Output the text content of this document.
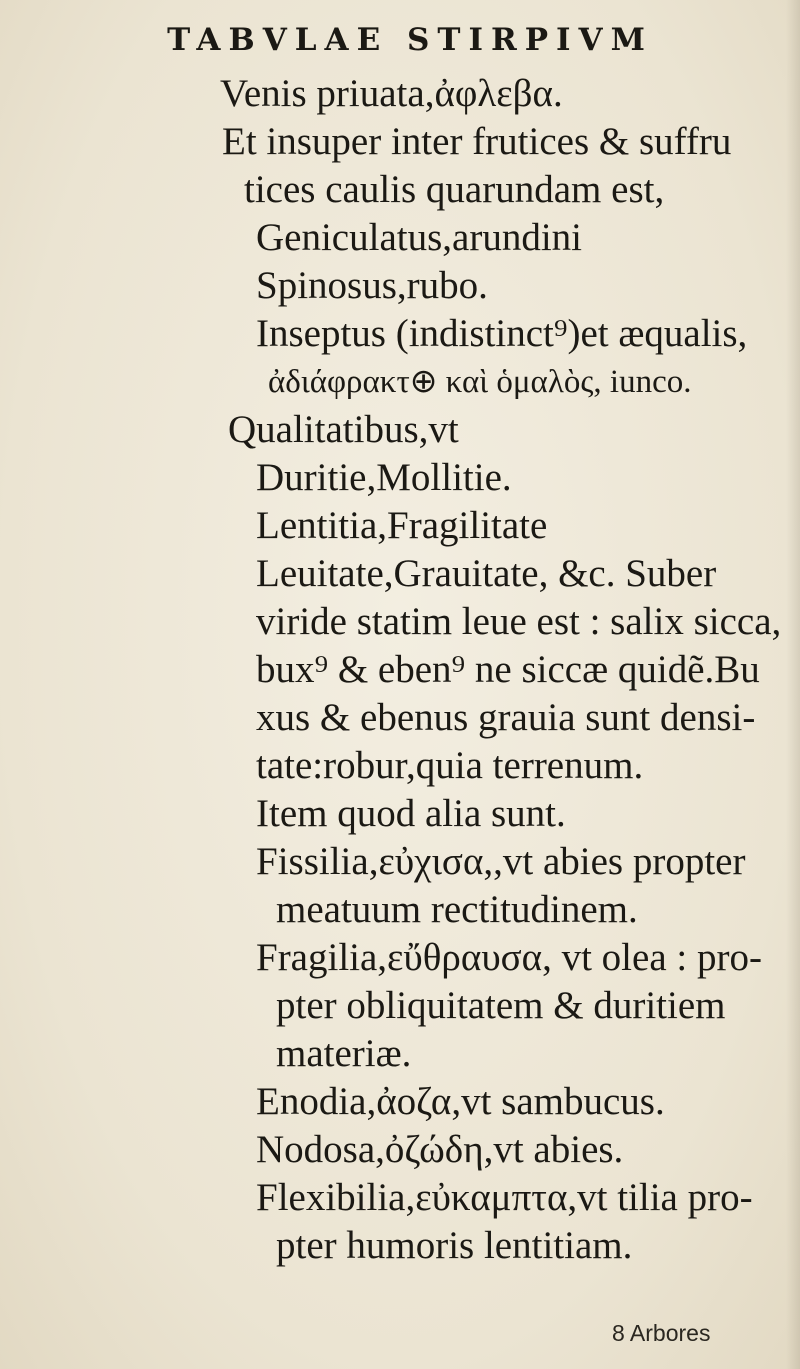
TABVLAE STIRPIVM
Venis priuata,ἀφλεβα.
Et insuper inter frutices & suffru
tices caulis quarundam est,
Geniculatus,arundini
Spinosus,rubo.
Inseptus (indistinct⁹)et æqualis,
ἀδιάφρακτ⊕ καὶ ὁμαλὸς, iunco.
Qualitatibus,vt
Duritie,Mollitie.
Lentitia,Fragilitate
Leuitate,Grauitate, &c. Suber
viride statim leue est : salix sicca,
bux⁹ & eben⁹ ne siccæ quidẽ.Bu
xus & ebenus grauia sunt densi-
tate:robur,quia terrenum.
Item quod alia sunt.
Fissilia,εὐχισα,,vt abies propter
meatuum rectitudinem.
Fragilia,εὔθραυσα, vt olea : pro-
pter obliquitatem & duritiem
materiæ.
Enodia,ἀοζα,vt sambucus.
Nodosa,ὀζώδη,vt abies.
Flexibilia,εὐκαμπτα,vt tilia pro-
pter humoris lentitiam.
8 Arbores
